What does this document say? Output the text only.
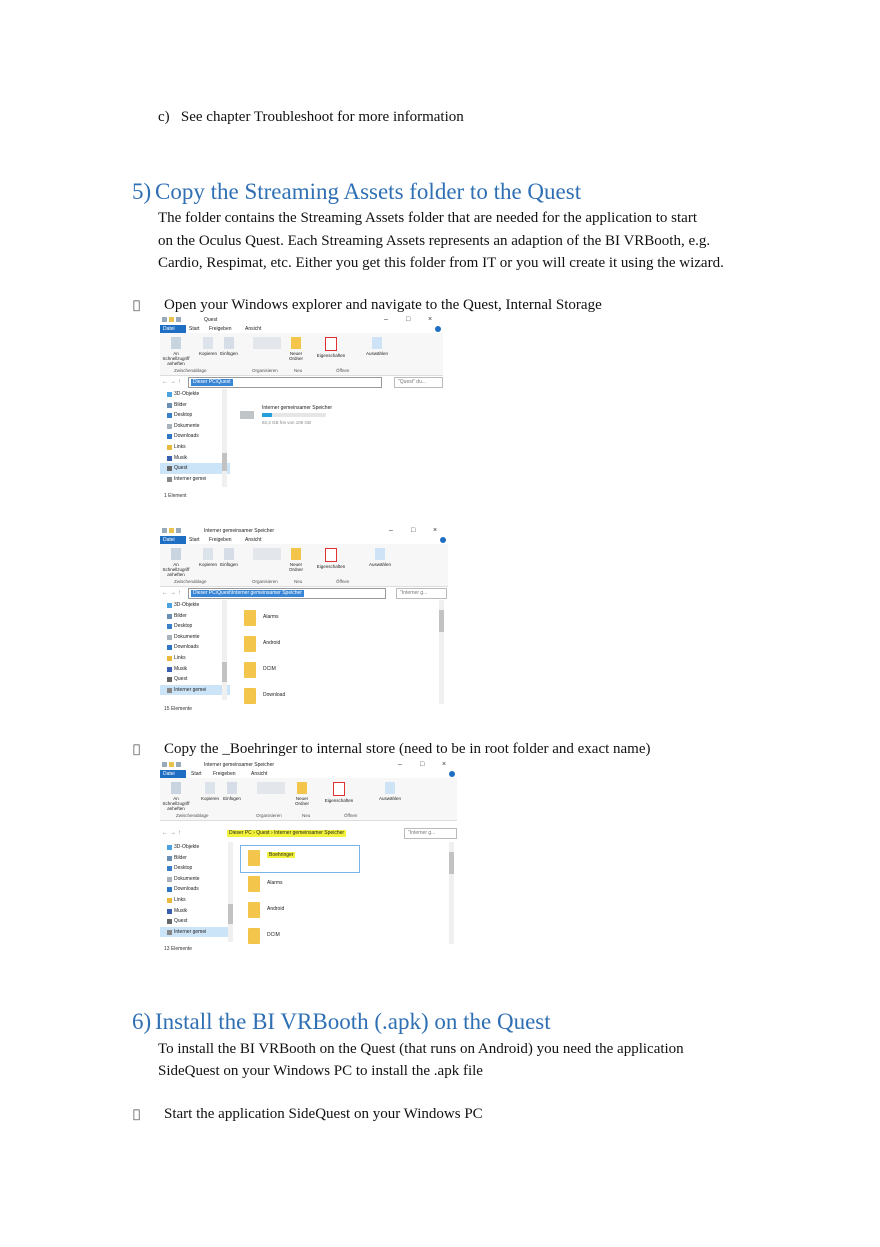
c)   See chapter Troubleshoot for more information
5) Copy the Streaming Assets folder to the Quest
The folder contains the Streaming Assets folder that are needed for the application to start
on the Oculus Quest. Each Streaming Assets represents an adaption of the BI VRBooth, e.g.
Cardio, Respimat, etc. Either you get this folder from IT or you will create it using the wizard.
Open your Windows explorer and navigate to the Quest, Internal Storage
Quest	–	□	×
Datei	Start	Freigeben	Ansicht
An Schnellzugriff anheften
Kopieren Einfügen	Neuer Ordner
Eigenschaften	Auswählen
Zwischenablage	Organisieren	Neu	Öffnen
←→↑	Dieser PC\Quest	"Quest" du...
3D-Objekte
Bilder
Desktop
Dokumente
Downloads
Links
Musik
Quest
Interner gemei
Interner gemeinsamer Speicher
92,4 GB frei von 109 GB
1 Element
Interner gemeinsamer Speicher	–	□	×
Datei	Start	Freigeben	Ansicht
An Schnellzugriff anheften
Kopieren Einfügen	Neuer Ordner
Eigenschaften	Auswählen
Zwischenablage	Organisieren	Neu	Öffnen
←→↑	Dieser PC\Quest\Interner gemeinsamer Speicher	"Interner g...
3D-Objekte
Bilder
Desktop
Dokumente
Downloads
Links
Musik
Quest
Interner gemei
Alarms
Android
DCIM
Download
15 Elemente
Copy the _Boehringer to internal store (need to be in root folder and exact name)
Interner gemeinsamer Speicher	–	□	×
Datei	Start	Freigeben	Ansicht
An Schnellzugriff anheften
Kopieren Einfügen	Neuer Ordner
Eigenschaften	Auswählen
Zwischenablage	Organisieren	Neu	Öffnen
←→↑	Dieser PC › Quest › Interner gemeinsamer Speicher	"Interner g...
3D-Objekte
Bilder
Desktop
Dokumente
Downloads
Links
Musik
Quest
Interner gemei
Boehringer
Alarms
Android
DCIM
13 Elemente
6) Install the BI VRBooth (.apk) on the Quest
To install the BI VRBooth on the Quest (that runs on Android) you need the application
SideQuest on your Windows PC to install the .apk file
Start the application SideQuest on your Windows PC
